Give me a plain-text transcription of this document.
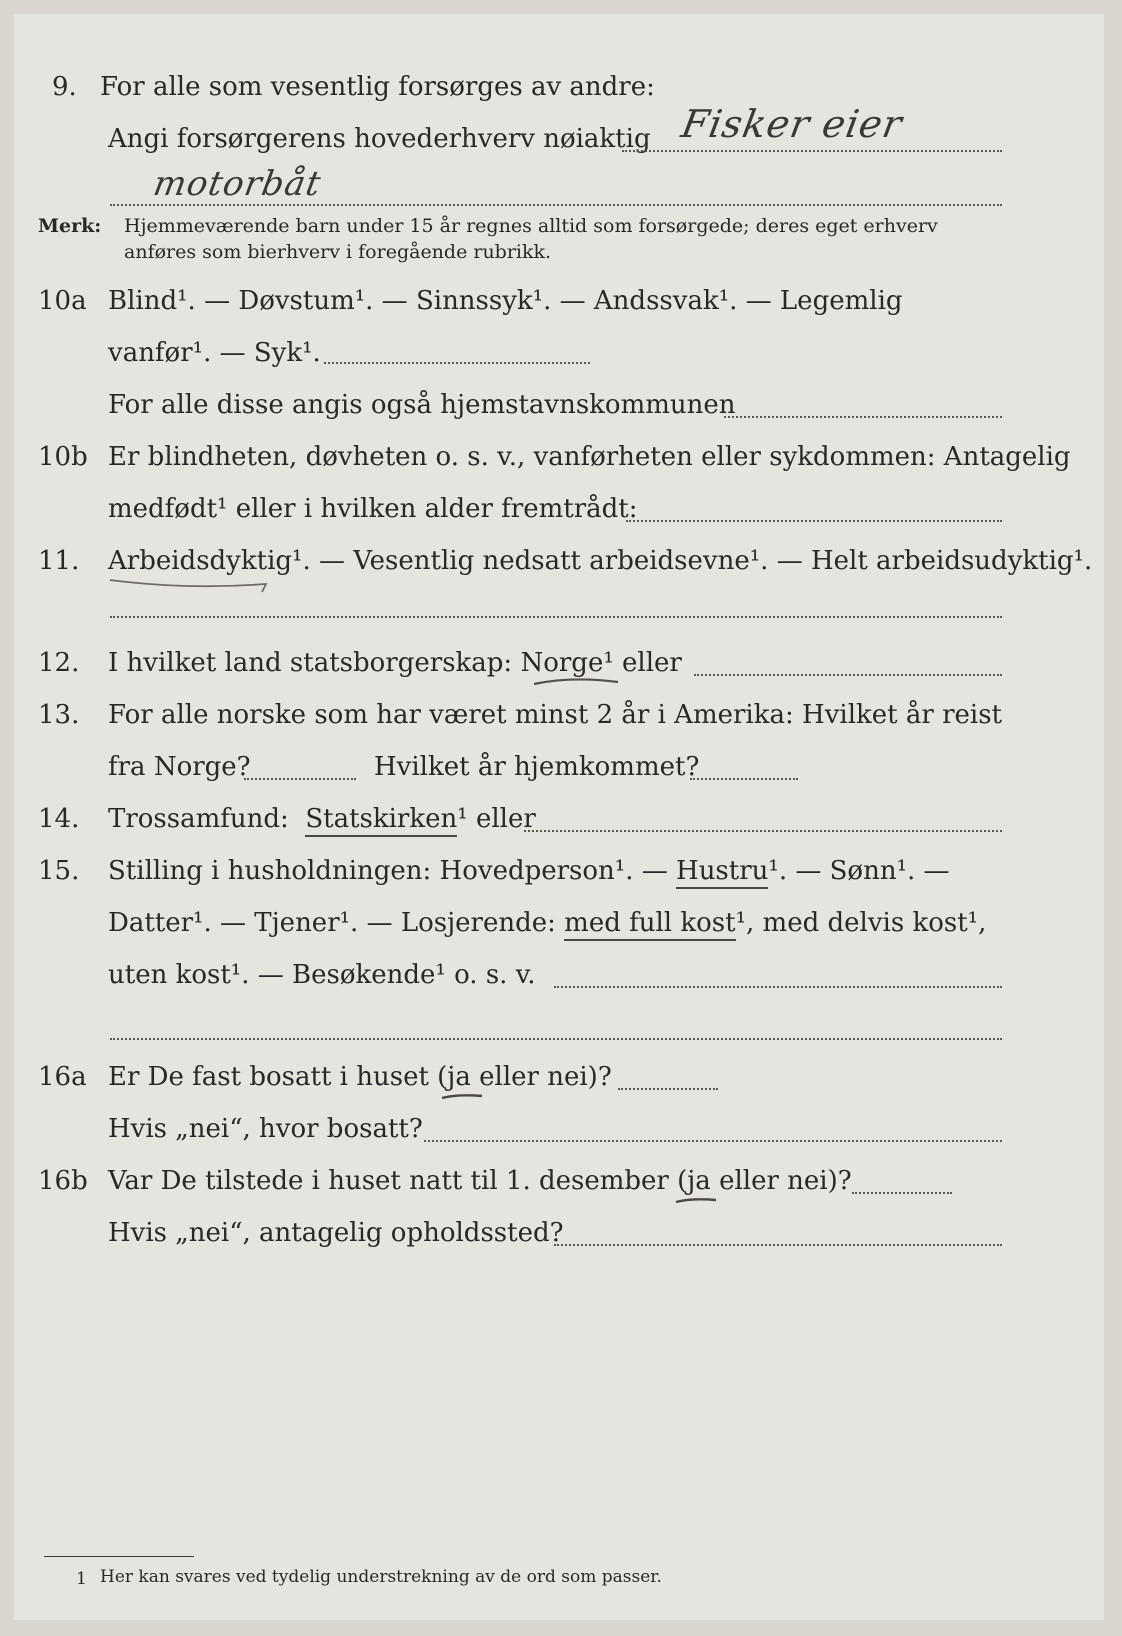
9. For alle som vesentlig forsørges av andre:
Angi forsørgerens hovederhverv nøiaktig Fisker eier
motorbåt
Merk: Hjemmeværende barn under 15 år regnes alltid som forsørgede; deres eget erhverv
anføres som bierhverv i foregående rubrikk.
10a Blind¹. — Døvstum¹. — Sinnssyk¹. — Andssvak¹. — Legemlig
vanfør¹. — Syk¹.
For alle disse angis også hjemstavnskommunen
10b Er blindheten, døvheten o. s. v., vanførheten eller sykdommen: Antagelig
medfødt¹ eller i hvilken alder fremtrådt:
11. Arbeidsdyktig¹. — Vesentlig nedsatt arbeidsevne¹. — Helt arbeidsudyktig¹.
12. I hvilket land statsborgerskap: Norge¹ eller
13. For alle norske som har været minst 2 år i Amerika: Hvilket år reist
fra Norge?	Hvilket år hjemkommet?
14. Trossamfund: Statskirken¹ eller
15. Stilling i husholdningen: Hovedperson¹. — Hustru¹. — Sønn¹. —
Datter¹. — Tjener¹. — Losjerende: med full kost¹, med delvis kost¹,
uten kost¹. — Besøkende¹ o. s. v.
16a Er De fast bosatt i huset (ja eller nei)?
Hvis „nei“, hvor bosatt?
16b Var De tilstede i huset natt til 1. desember (ja eller nei)?
Hvis „nei“, antagelig opholdssted?
1 Her kan svares ved tydelig understrekning av de ord som passer.
